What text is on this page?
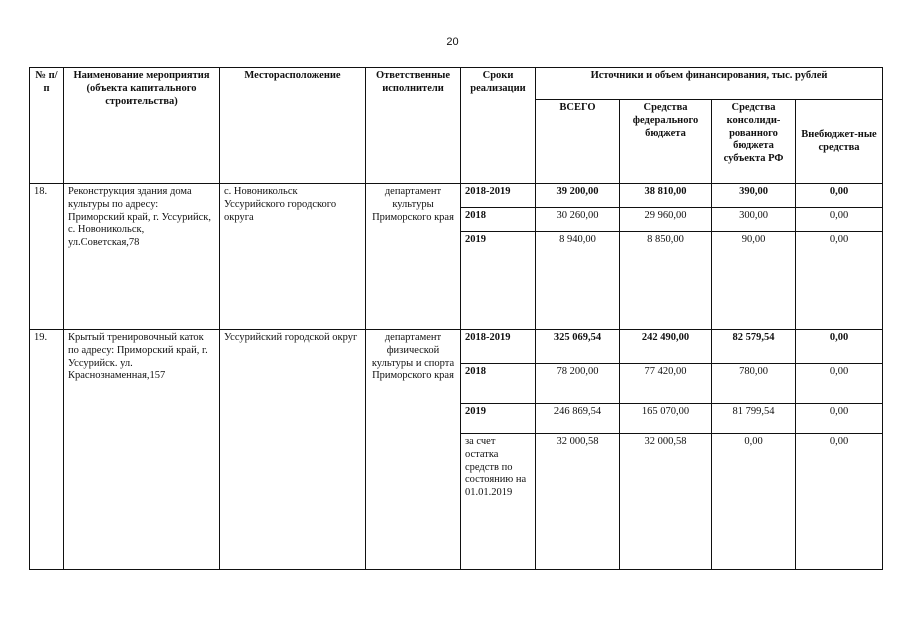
20
№ п/п	Наименование мероприятия (объекта капитального строительства)	Месторасположение	Ответственные исполнители	Сроки реализации	Источники и объем финансирования, тыс. рублей			
					ВСЕГО	Средства федерального бюджета	Средства консолиди-рованного бюджета субъекта РФ	Внебюджет-ные средства
18.	Реконструкция здания дома культуры по адресу: Приморский край, г. Уссурийск, с. Новоникольск, ул.Советская,78	с. Новоникольск Уссурийского городского округа	департамент культуры Приморского края	2018-2019	39 200,00	38 810,00	390,00	0,00
				2018	30 260,00	29 960,00	300,00	0,00
				2019	8 940,00	8 850,00	90,00	0,00
19.	Крытый тренировочный каток по адресу: Приморский край, г. Уссурийск. ул. Краснознаменная,157	Уссурийский городской округ	департамент физической культуры и спорта Приморского края	2018-2019	325 069,54	242 490,00	82 579,54	0,00
				2018	78 200,00	77 420,00	780,00	0,00
				2019	246 869,54	165 070,00	81 799,54	0,00
				за счет остатка средств по состоянию на 01.01.2019	32 000,58	32 000,58	0,00	0,00
